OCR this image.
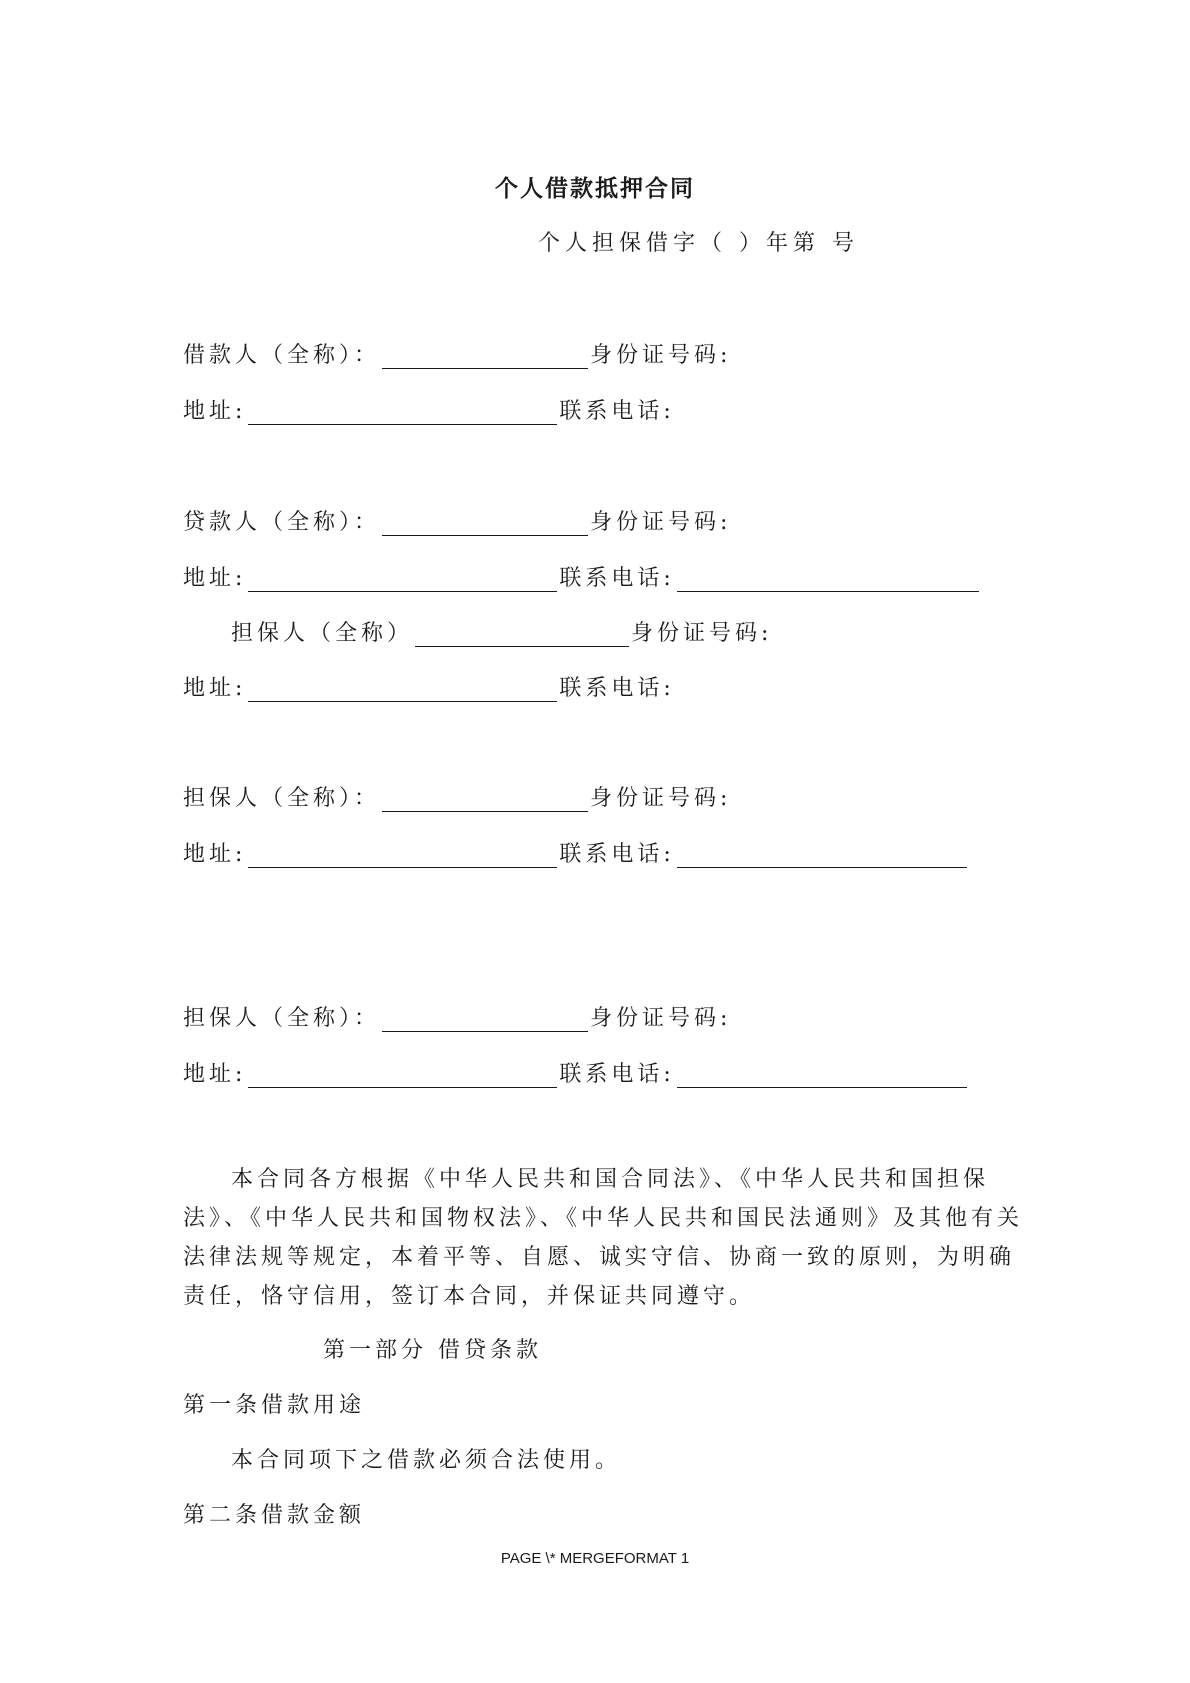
个人借款抵押合同
个人担保借字（ ）年第 号
借款人（全称）：	身份证号码:
地址:	联系电话:
贷款人（全称）：	身份证号码:
地址:	联系电话:
担保人（全称）	身份证号码:
地址:	联系电话:
担保人（全称）：	身份证号码:
地址:	联系电话:
担保人（全称）：	身份证号码:
地址:	联系电话:
本合同各方根据《中华人民共和国合同法》、《中华人民共和国担保法》、《中华人民共和国物权法》、《中华人民共和国民法通则》及其他有关法律法规等规定，本着平等、自愿、诚实守信、协商一致的原则，为明确责任，恪守信用，签订本合同，并保证共同遵守。
第一部分 借贷条款
第一条借款用途
本合同项下之借款必须合法使用。
第二条借款金额
PAGE \* MERGEFORMAT 1
